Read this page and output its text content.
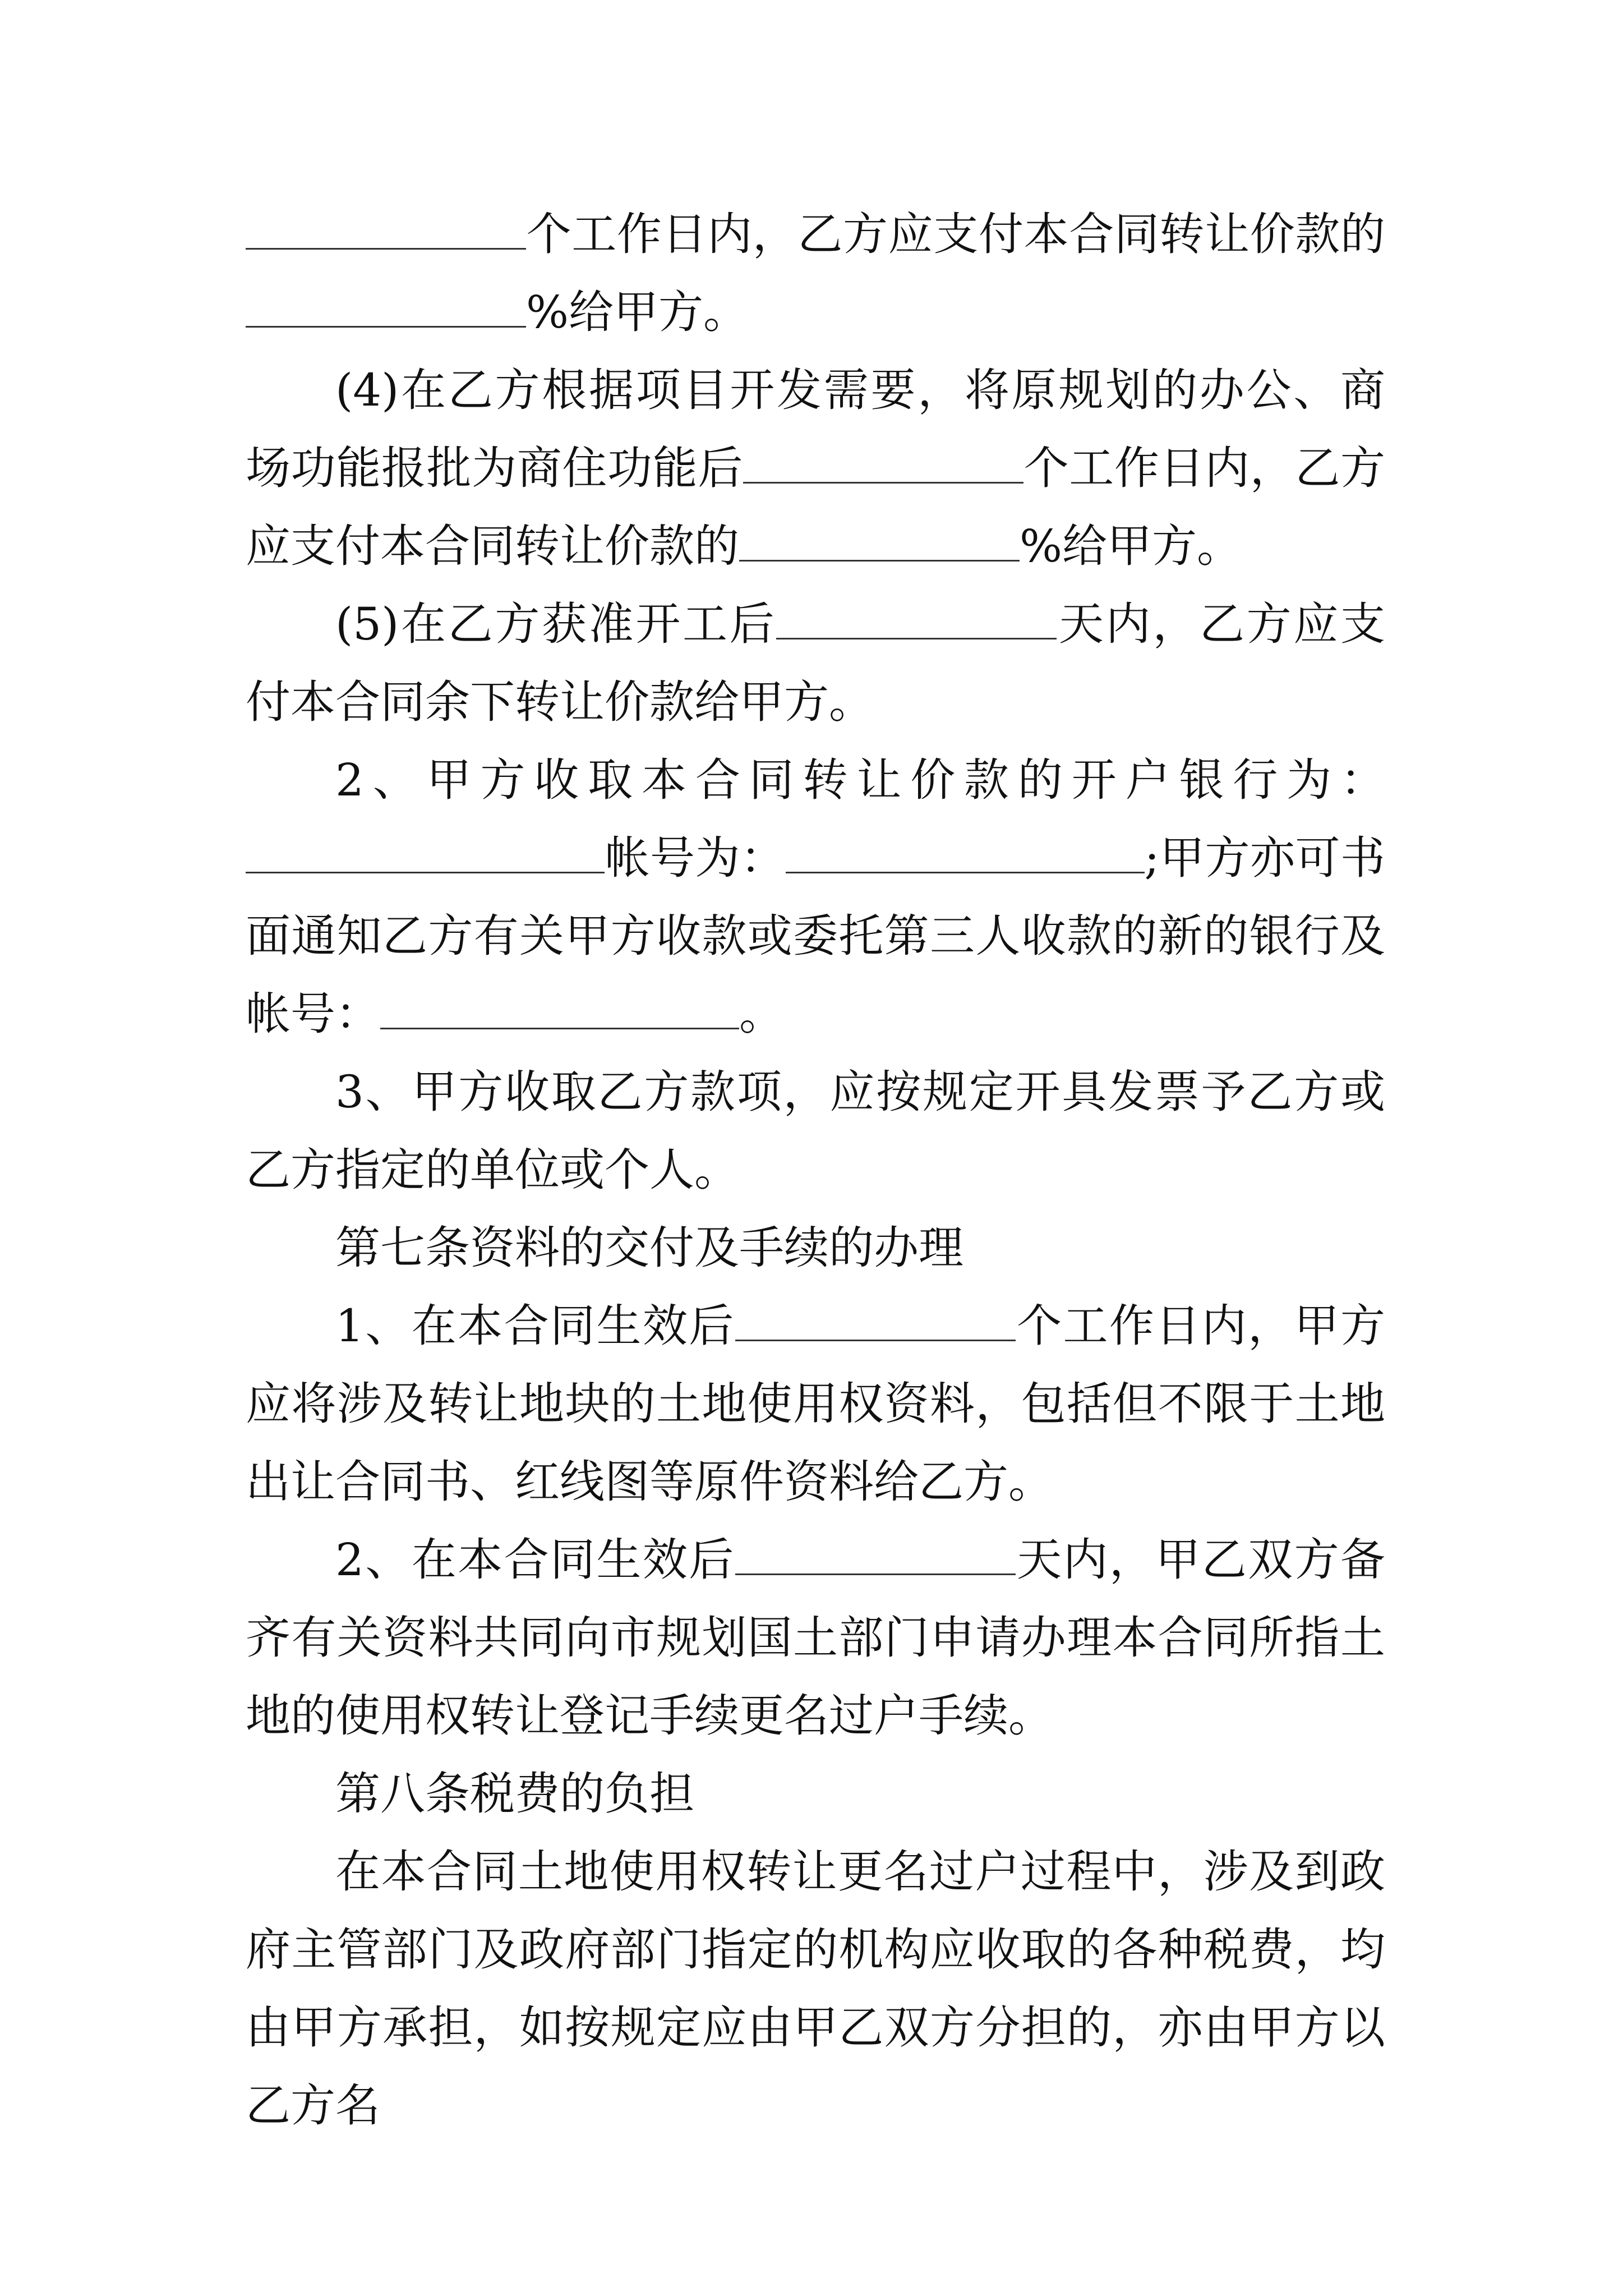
个工作日内，乙方应支付本合同转让价款的%给甲方。

(4)在乙方根据项目开发需要，将原规划的办公、商场功能报批为商住功能后	个工作日内，乙方应支付本合同转让价款的	%给甲方。

(5)在乙方获准开工后	天内，乙方应支付本合同余下转让价款给甲方。

2、甲方收取本合同转让价款的开户银行为：帐号为：	;甲方亦可书面通知乙方有关甲方收款或委托第三人收款的新的银行及帐号：	。

3、甲方收取乙方款项，应按规定开具发票予乙方或乙方指定的单位或个人。

第七条资料的交付及手续的办理

1、在本合同生效后	个工作日内，甲方应将涉及转让地块的土地使用权资料，包括但不限于土地出让合同书、红线图等原件资料给乙方。

2、在本合同生效后	天内，甲乙双方备齐有关资料共同向市规划国土部门申请办理本合同所指土地的使用权转让登记手续更名过户手续。

第八条税费的负担

在本合同土地使用权转让更名过户过程中，涉及到政府主管部门及政府部门指定的机构应收取的各种税费，均由甲方承担，如按规定应由甲乙双方分担的，亦由甲方以乙方名
